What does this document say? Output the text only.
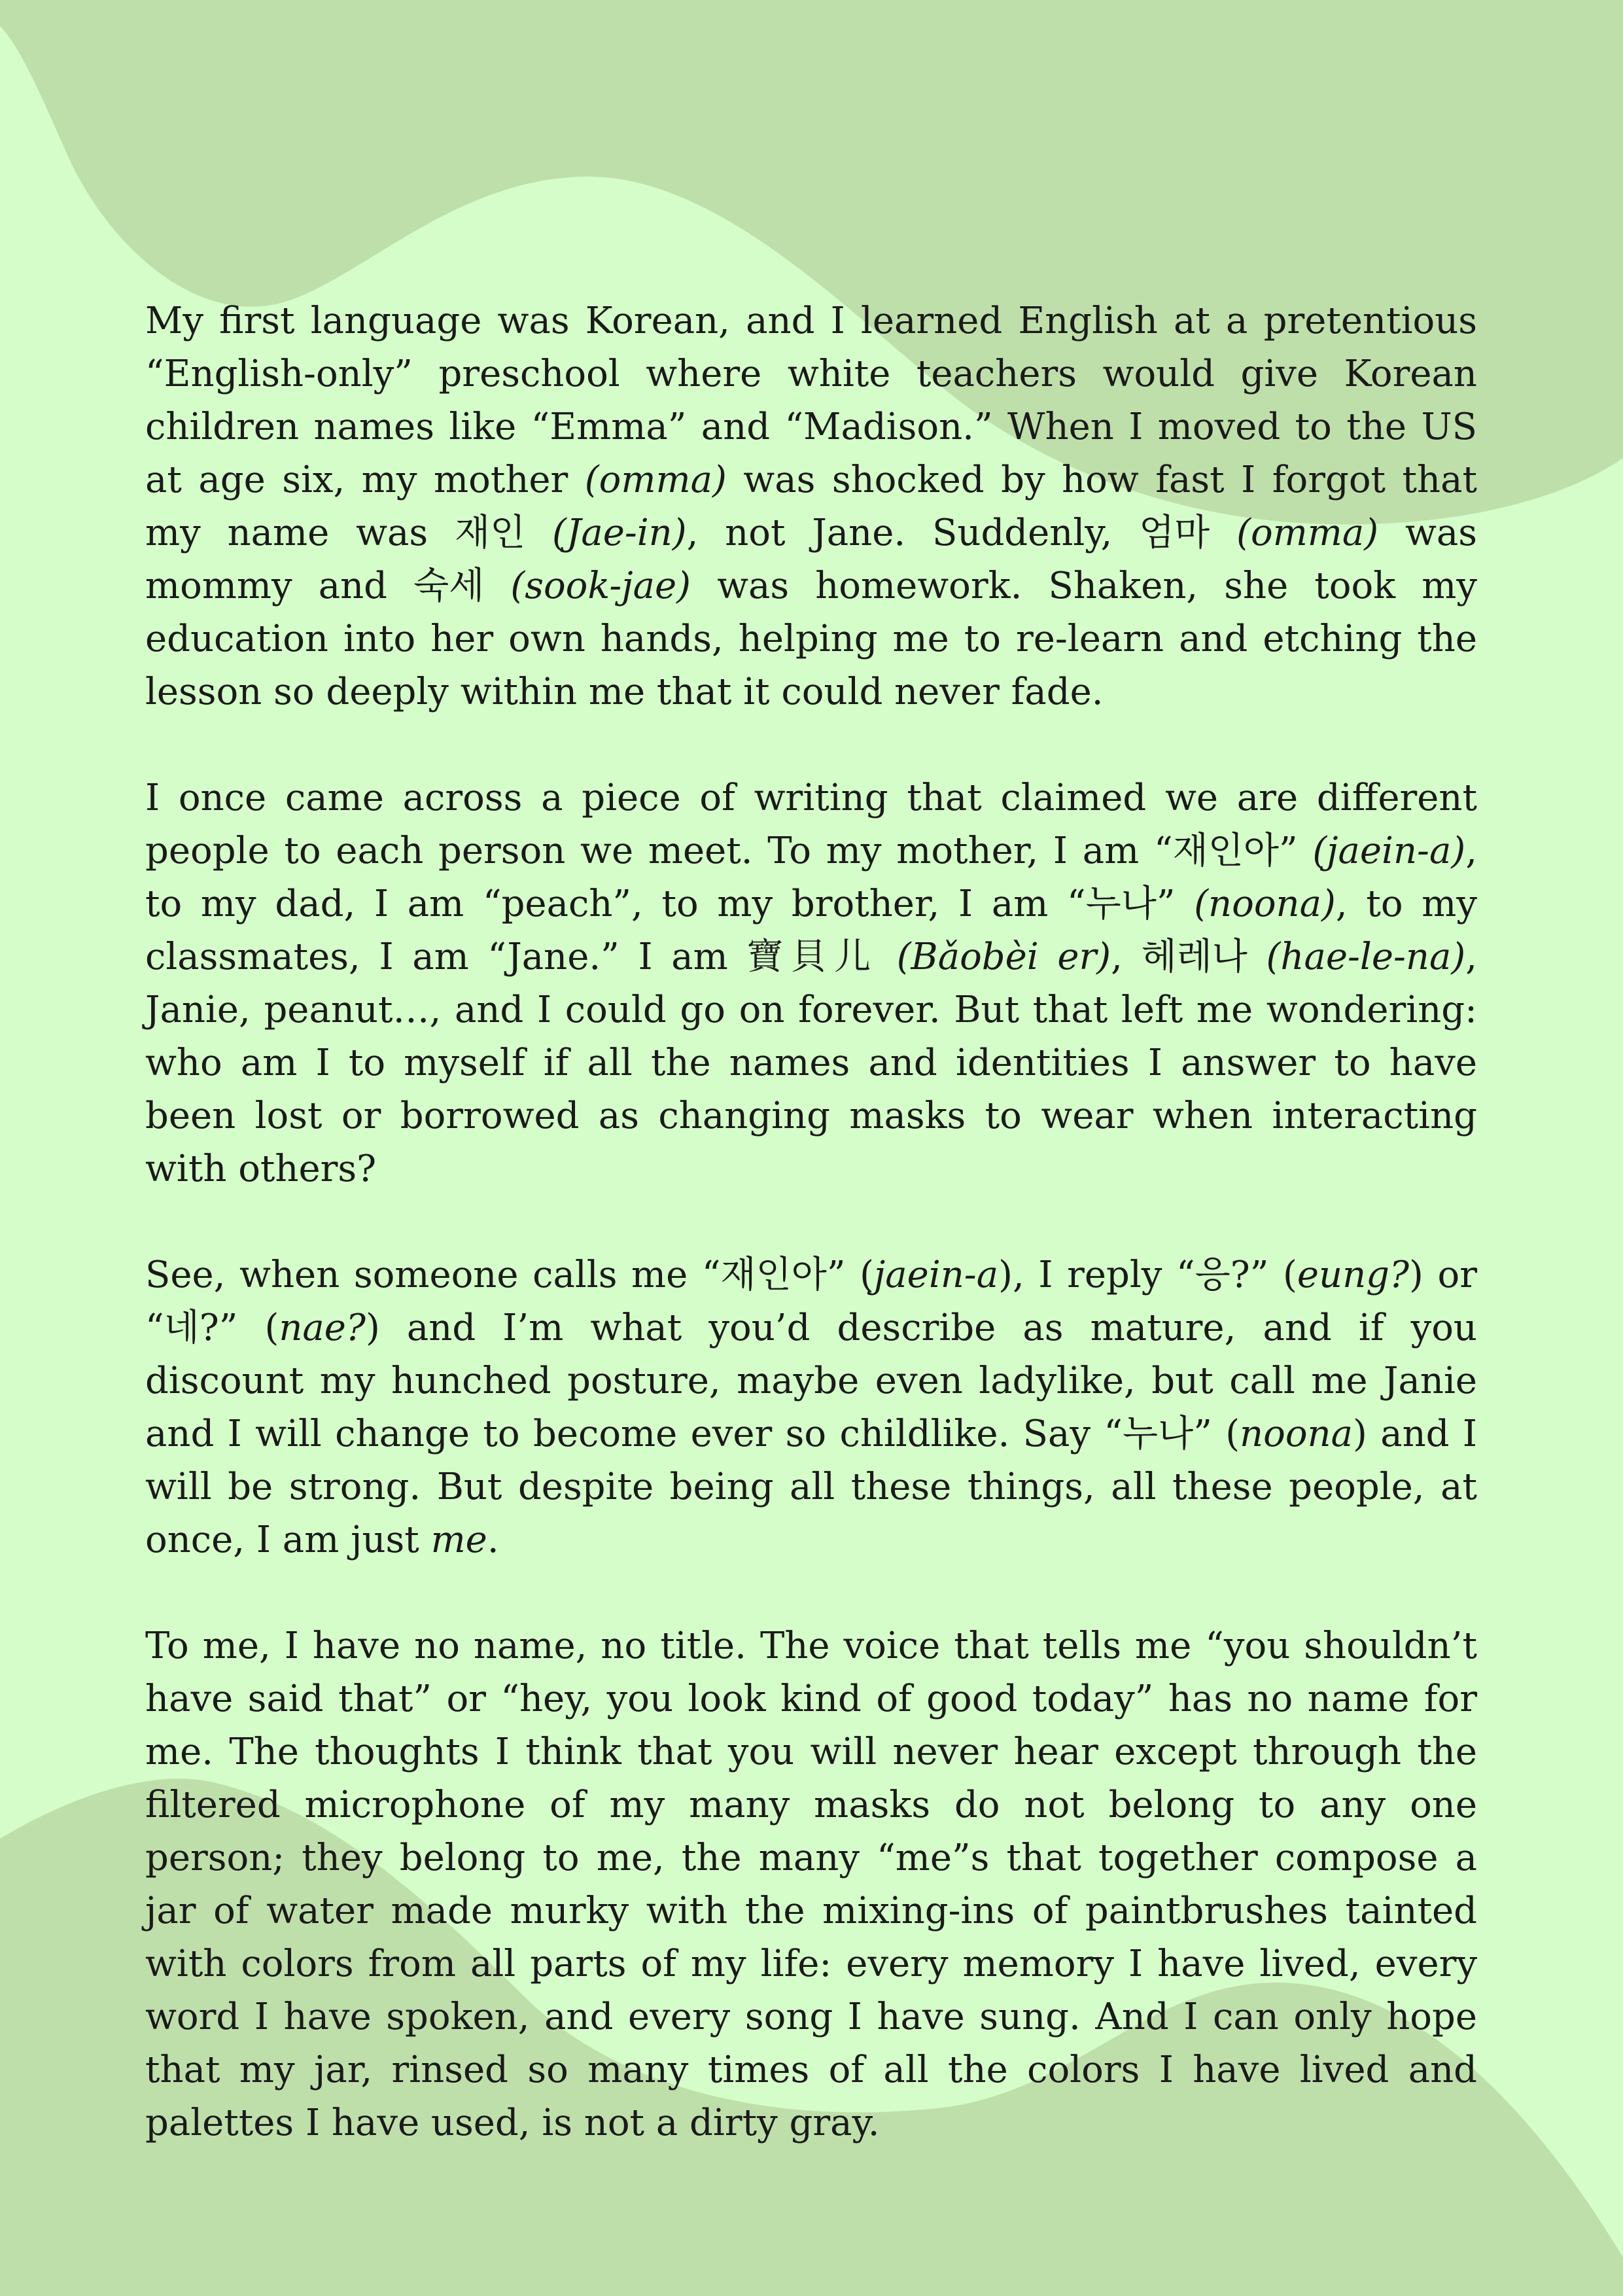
My first language was Korean, and I learned English at a pretentious “English-only” preschool where white teachers would give Korean children names like “Emma” and “Madison.” When I moved to the US at age six, my mother (omma) was shocked by how fast I forgot that my name was 재인 (Jae-in), not Jane. Suddenly, 엄마 (omma) was mommy and 숙세 (sook-jae) was homework. Shaken, she took my education into her own hands, helping me to re-learn and etching the lesson so deeply within me that it could never fade.

I once came across a piece of writing that claimed we are different people to each person we meet. To my mother, I am “재인아” (jaein-a), to my dad, I am “peach”, to my brother, I am “누나” (noona), to my classmates, I am “Jane.” I am 寶貝儿 (Bǎobèi er), 헤레나 (hae-le-na), Janie, peanut…, and I could go on forever. But that left me wondering: who am I to myself if all the names and identities I answer to have been lost or borrowed as changing masks to wear when interacting with others?

See, when someone calls me “재인아” (jaein-a), I reply “응?” (eung?) or “네?” (nae?) and I’m what you’d describe as mature, and if you discount my hunched posture, maybe even ladylike, but call me Janie and I will change to become ever so childlike. Say “누나” (noona) and I will be strong. But despite being all these things, all these people, at once, I am just me.

To me, I have no name, no title. The voice that tells me “you shouldn’t have said that” or “hey, you look kind of good today” has no name for me. The thoughts I think that you will never hear except through the filtered microphone of my many masks do not belong to any one person; they belong to me, the many “me”s that together compose a jar of water made murky with the mixing-ins of paintbrushes tainted with colors from all parts of my life: every memory I have lived, every word I have spoken, and every song I have sung. And I can only hope that my jar, rinsed so many times of all the colors I have lived and palettes I have used, is not a dirty gray.
